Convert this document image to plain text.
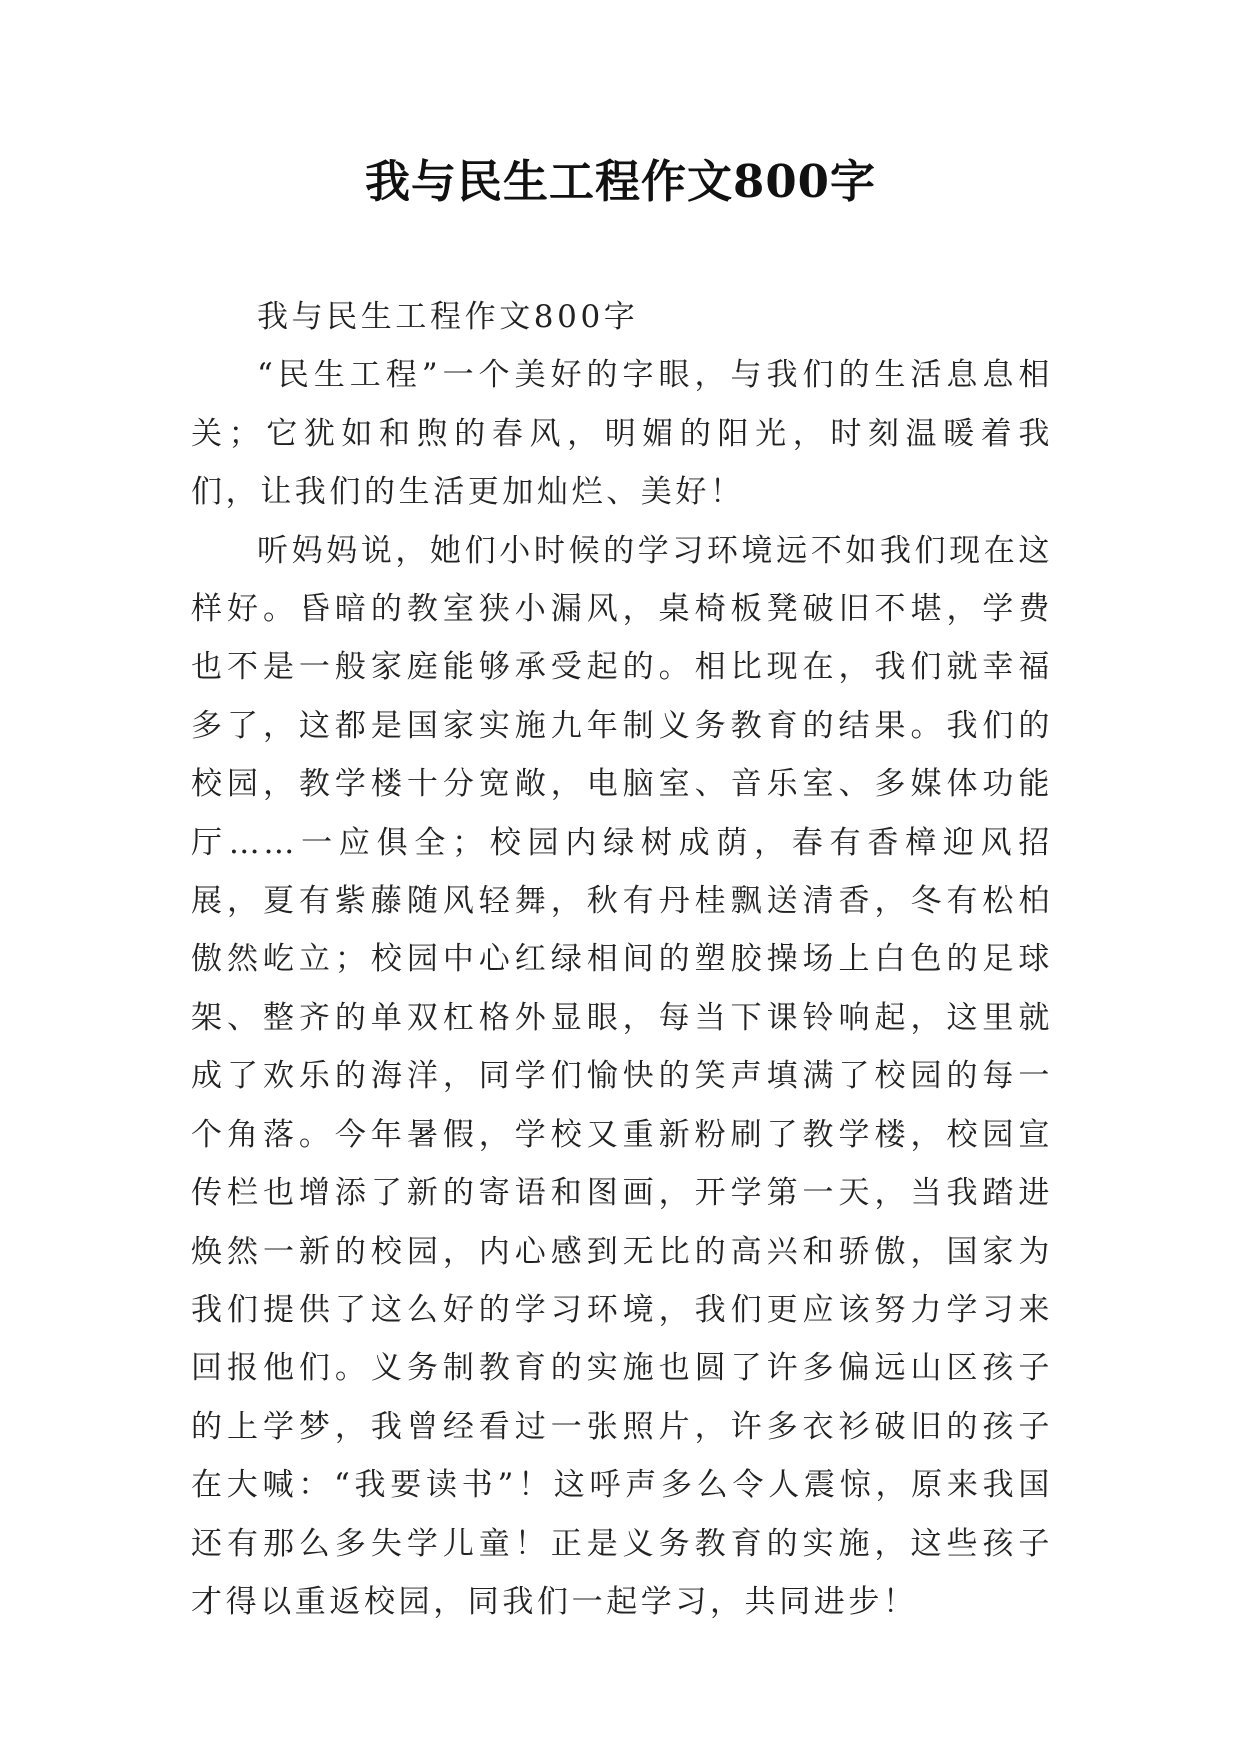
我与民生工程作文800字

我与民生工程作文800字

“民生工程”一个美好的字眼，与我们的生活息息相关；它犹如和煦的春风，明媚的阳光，时刻温暖着我们，让我们的生活更加灿烂、美好！

听妈妈说，她们小时候的学习环境远不如我们现在这样好。昏暗的教室狭小漏风，桌椅板凳破旧不堪，学费也不是一般家庭能够承受起的。相比现在，我们就幸福多了，这都是国家实施九年制义务教育的结果。我们的校园，教学楼十分宽敞，电脑室、音乐室、多媒体功能厅……一应俱全；校园内绿树成荫，春有香樟迎风招展，夏有紫藤随风轻舞，秋有丹桂飘送清香，冬有松柏傲然屹立；校园中心红绿相间的塑胶操场上白色的足球架、整齐的单双杠格外显眼，每当下课铃响起，这里就成了欢乐的海洋，同学们愉快的笑声填满了校园的每一个角落。今年暑假，学校又重新粉刷了教学楼，校园宣传栏也增添了新的寄语和图画，开学第一天，当我踏进焕然一新的校园，内心感到无比的高兴和骄傲，国家为我们提供了这么好的学习环境，我们更应该努力学习来回报他们。义务制教育的实施也圆了许多偏远山区孩子的上学梦，我曾经看过一张照片，许多衣衫破旧的孩子在大喊：“我要读书”！这呼声多么令人震惊，原来我国还有那么多失学儿童！正是义务教育的实施，这些孩子才得以重返校园，同我们一起学习，共同进步！
